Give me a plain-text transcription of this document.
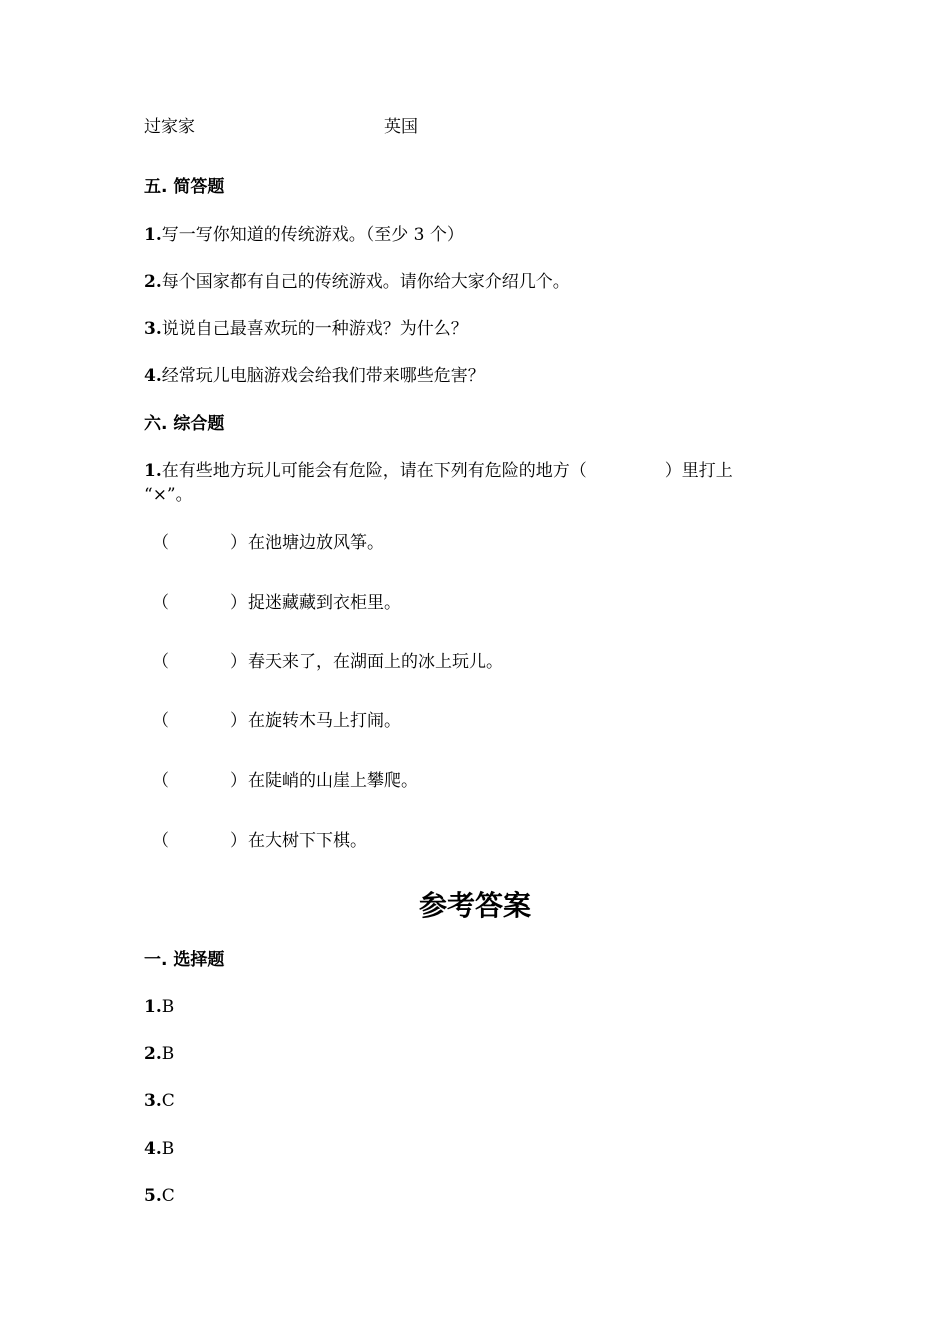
过家家	英国
五. 简答题
1.写一写你知道的传统游戏。（至少 3 个）
2.每个国家都有自己的传统游戏。请你给大家介绍几个。
3.说说自己最喜欢玩的一种游戏？为什么？
4.经常玩儿电脑游戏会给我们带来哪些危害？
六. 综合题
1.在有些地方玩儿可能会有危险，请在下列有危险的地方（	）里打上
“×”。
（	）在池塘边放风筝。
（	）捉迷藏藏到衣柜里。
（	）春天来了，在湖面上的冰上玩儿。
（	）在旋转木马上打闹。
（	）在陡峭的山崖上攀爬。
（	）在大树下下棋。
参考答案
一. 选择题
1.B
2.B
3.C
4.B
5.C
